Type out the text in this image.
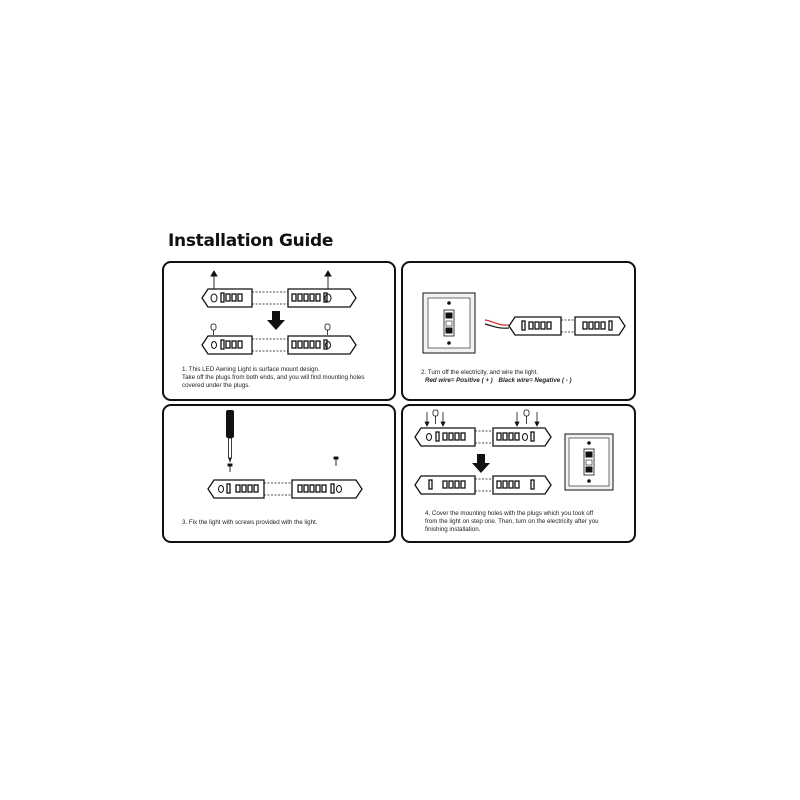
Installation Guide
1. This LED Awning Light is surface mount design.
Take off the plugs from both ends, and you will find mounting holes
covered under the plugs.
2. Turn off the electricity, and wire the light.
Red wire= Positive ( + ) Black wire= Negative ( - )
3. Fix the light with screws provided with the light.
4. Cover the mounting holes with the plugs which you took off
from the light on step one. Then, turn on the electricity after you
finishing installation.
